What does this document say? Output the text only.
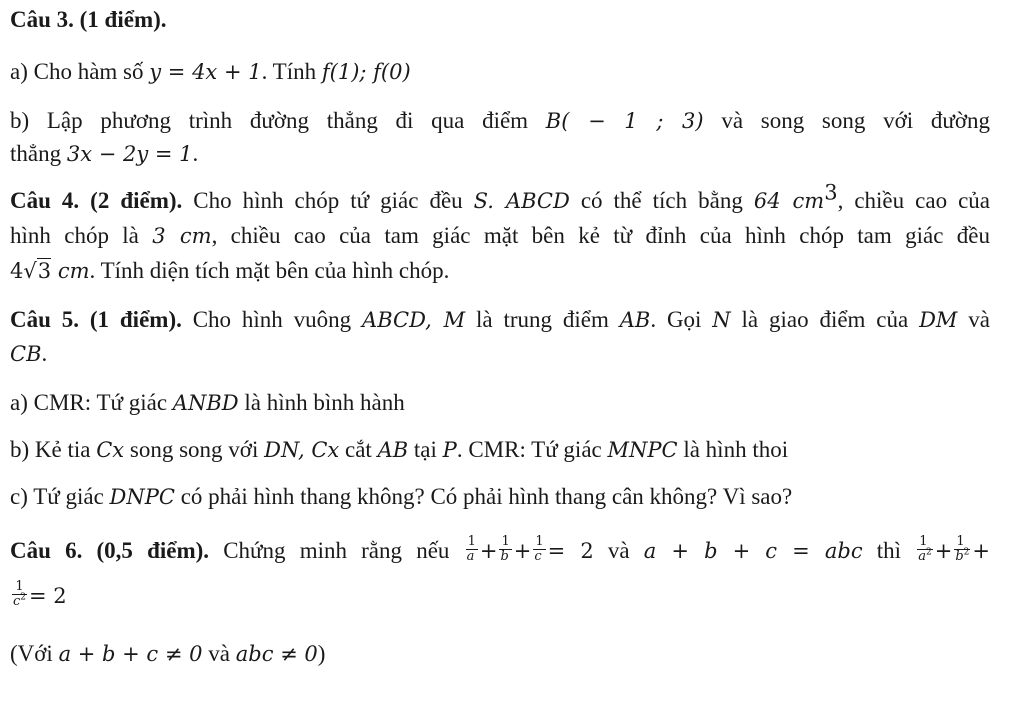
Câu 3. (1 điểm).
a) Cho hàm số y = 4x + 1. Tính f(1); f(0)
b) Lập phương trình đường thẳng đi qua điểm B( − 1 ; 3) và song song với đường
thẳng 3x − 2y = 1.
Câu 4. (2 điểm). Cho hình chóp tứ giác đều S. ABCD có thể tích bằng 64 $cm^3$, chiều cao của
hình chóp là 3 cm, chiều cao của tam giác mặt bên kẻ từ đỉnh của hình chóp tam giác đều
4√3 cm. Tính diện tích mặt bên của hình chóp.
Câu 5. (1 điểm). Cho hình vuông ABCD, M là trung điểm AB. Gọi N là giao điểm của DM và
CB.
a) CMR: Tứ giác ANBD là hình bình hành
b) Kẻ tia Cx song song với DN, Cx cắt AB tại P. CMR: Tứ giác MNPC là hình thoi
c) Tứ giác DNPC có phải hình thang không? Có phải hình thang cân không? Vì sao?
Câu 6. (0,5 điểm). Chứng minh rằng nếu $\frac{1}{a} + \frac{1}{b} + \frac{1}{c} = 2$ và a + b + c = abc thì $\frac{1}{a^2} + \frac{1}{b^2}$ +
$\frac{1}{c^2} = 2$
(Với a + b + c ≠ 0 và abc ≠ 0)
